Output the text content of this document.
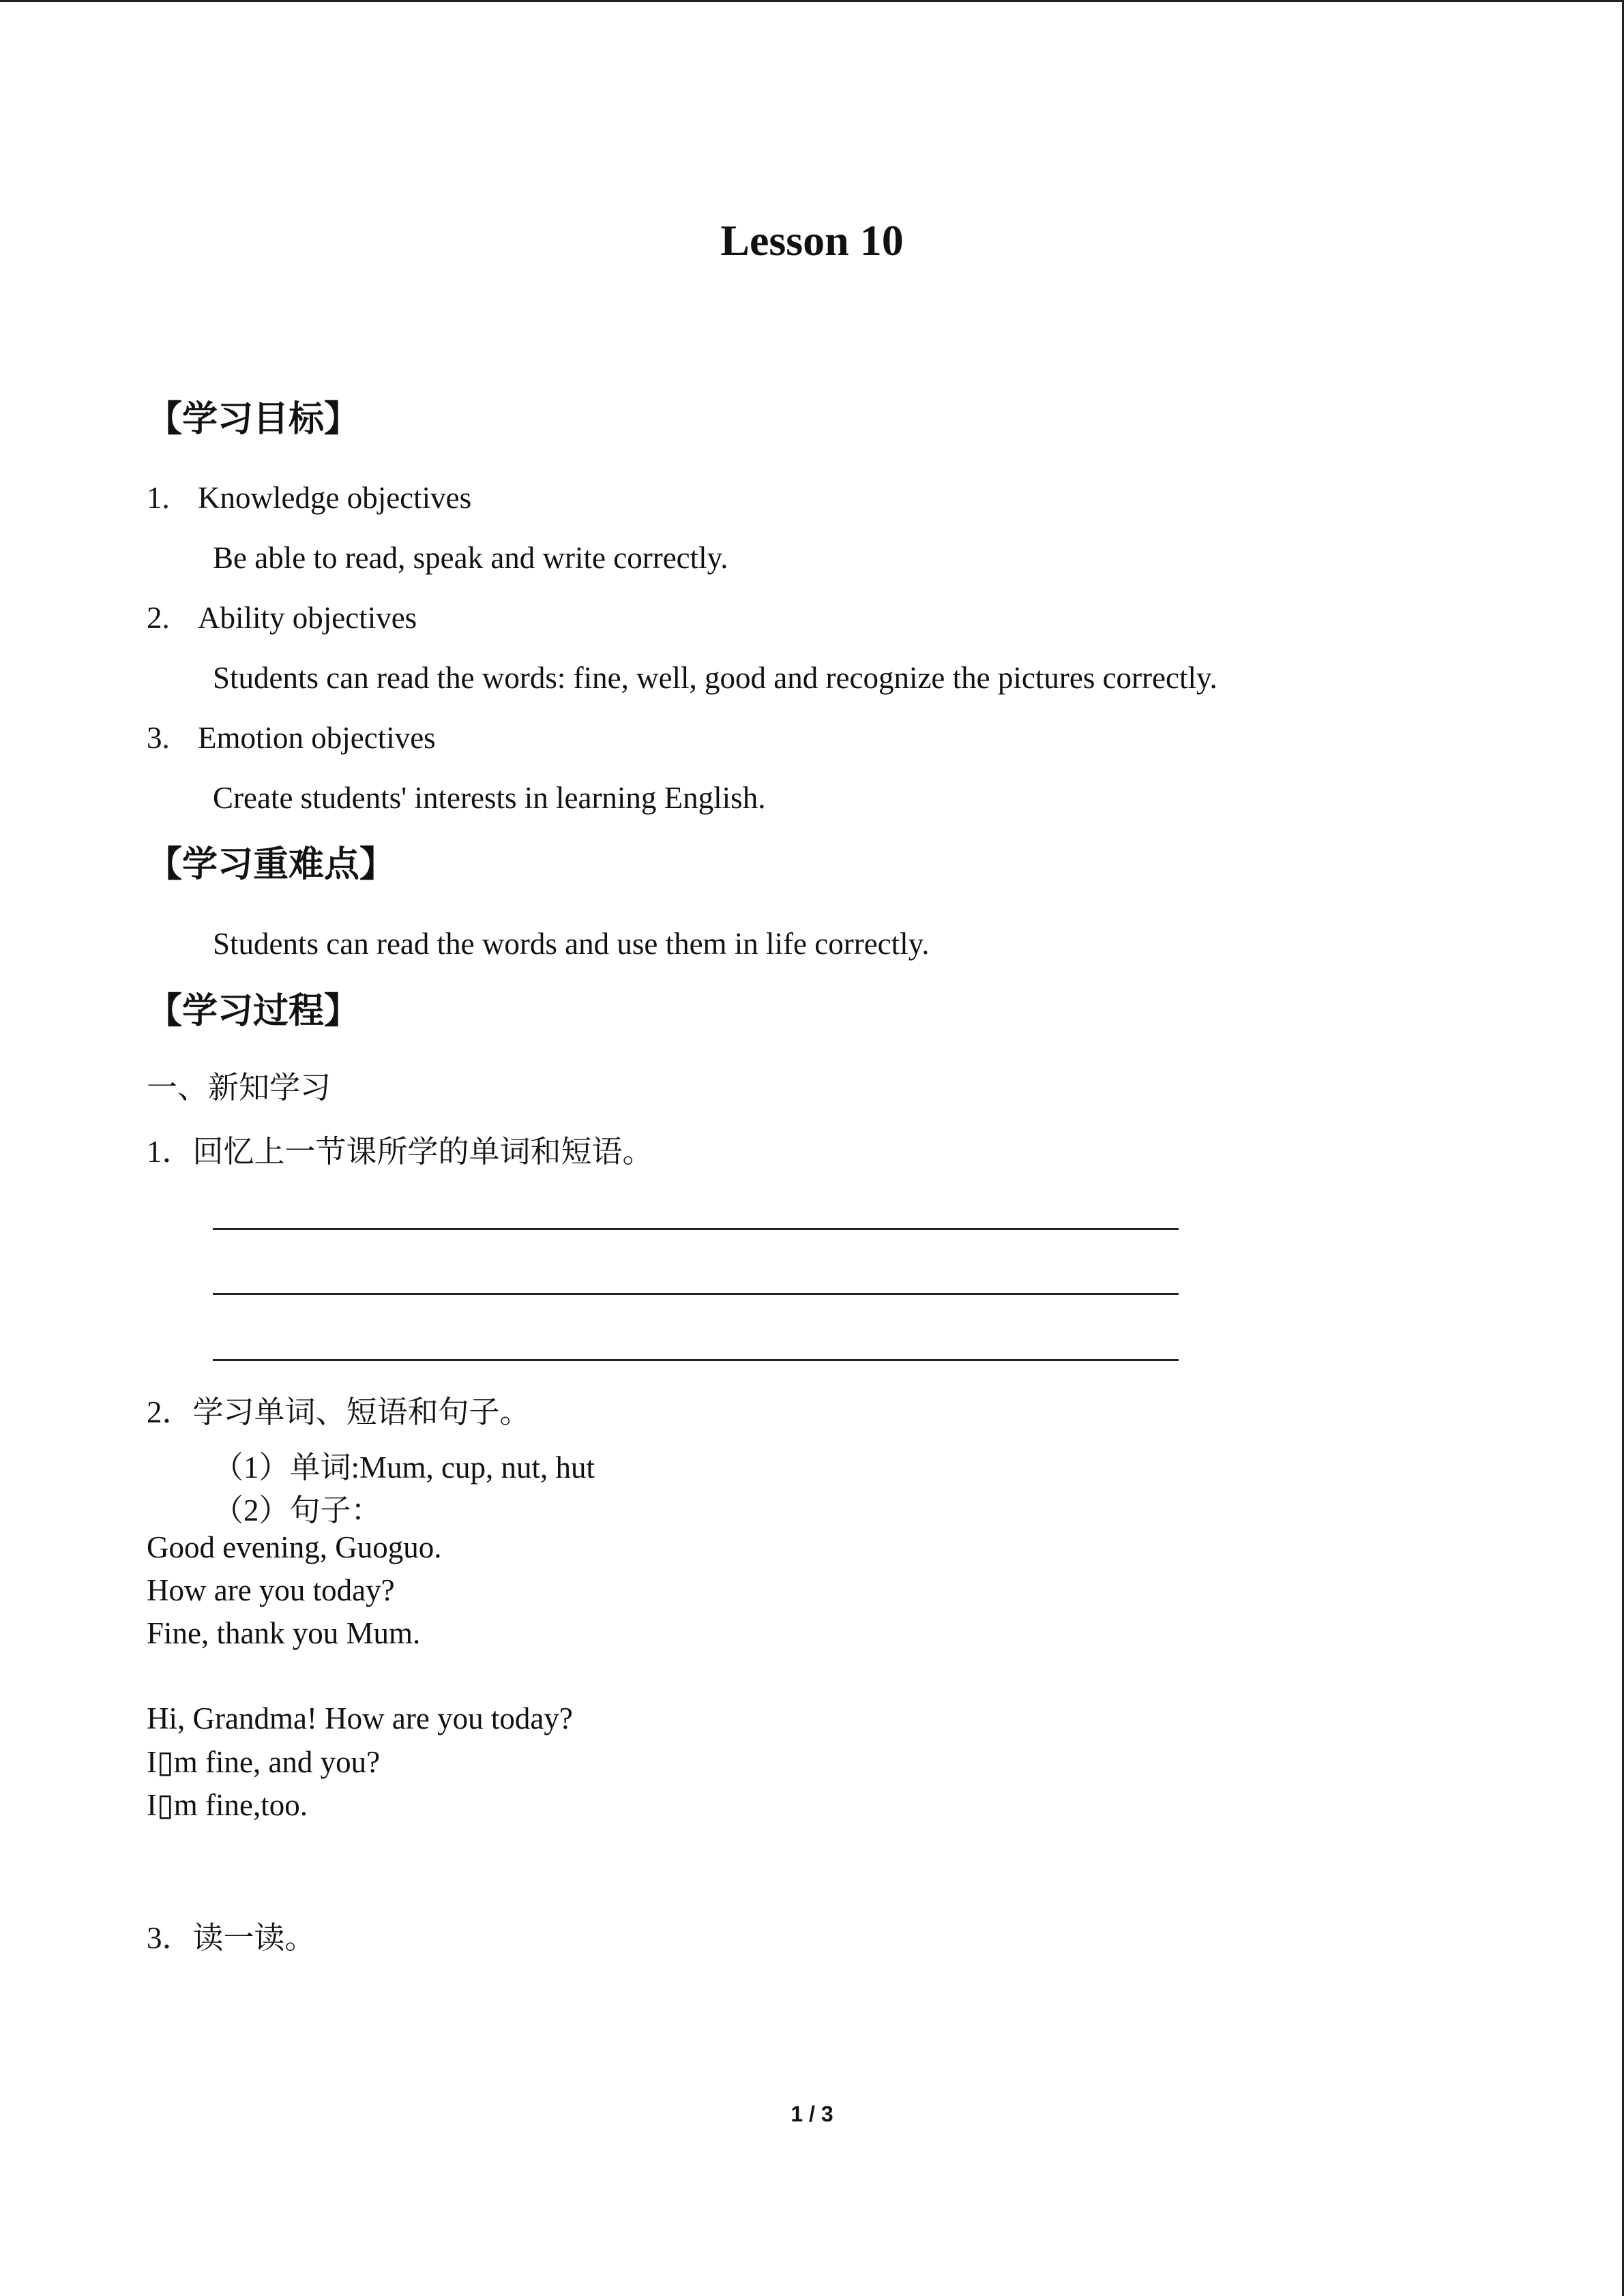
Lesson 10
【学习目标】
1. Knowledge objectives
Be able to read, speak and write correctly.
2. Ability objectives
Students can read the words: fine, well, good and recognize the pictures correctly.
3. Emotion objectives
Create students' interests in learning English.
【学习重难点】
Students can read the words and use them in life correctly.
【学习过程】
一、新知学习
1．回忆上一节课所学的单词和短语。
2．学习单词、短语和句子。
（1）单词:Mum, cup, nut, hut
（2）句子：
Good evening, Guoguo.
How are you today?
Fine, thank you Mum.
Hi, Grandma! How are you today?
I▯m fine, and you?
I▯m fine,too.
3．读一读。
1 / 3
